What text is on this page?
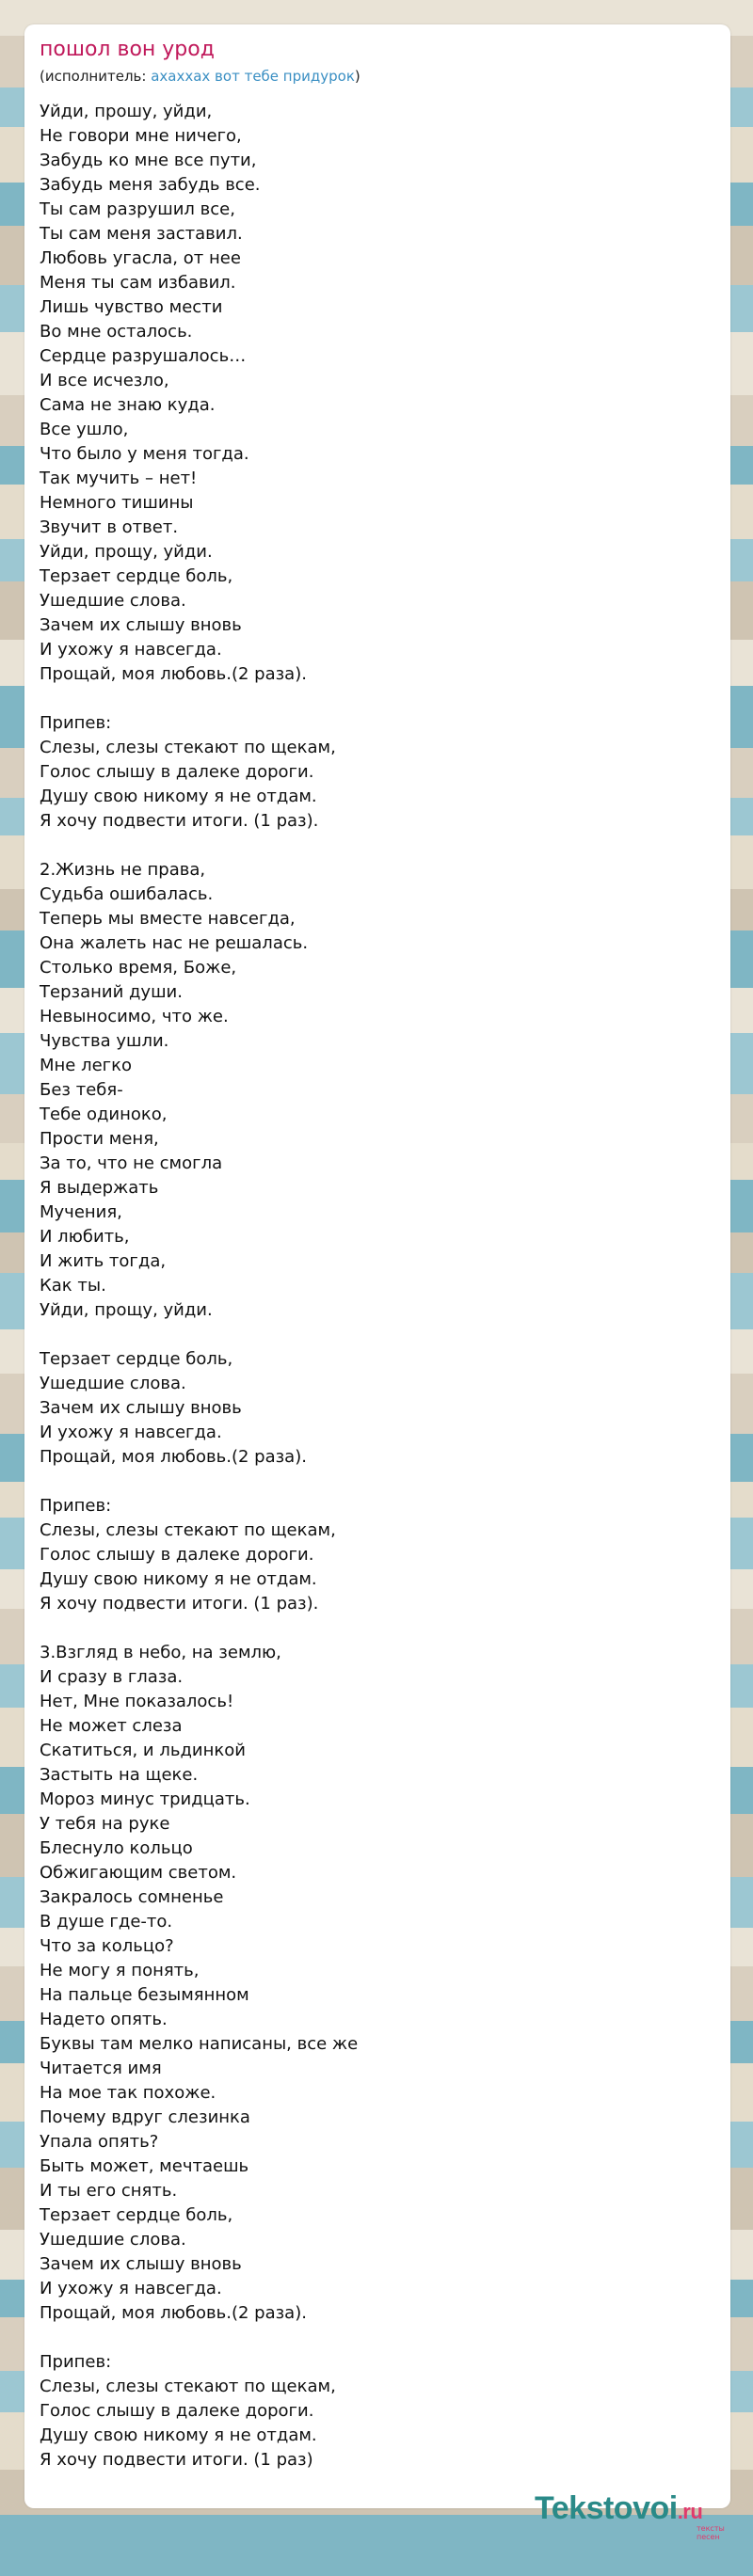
пошол вон урод
(исполнитель: ахаххах вот тебе придурок)
Уйди, прошу, уйди,
Не говори мне ничего,
Забудь ко мне все пути,
Забудь меня забудь все.
Ты сам разрушил все,
Ты сам меня заставил.
Любовь угасла, от нее
Меня ты сам избавил.
Лишь чувство мести
Во мне осталось.
Сердце разрушалось…
И все исчезло,
Сама не знаю куда.
Все ушло,
Что было у меня тогда.
Так мучить – нет!
Немного тишины
Звучит в ответ.
Уйди, прощу, уйди.
Терзает сердце боль,
Ушедшие слова.
Зачем их слышу вновь
И ухожу я навсегда.
Прощай, моя любовь.(2 раза).
Припев:
Слезы, слезы стекают по щекам,
Голос слышу в далеке дороги.
Душу свою никому я не отдам.
Я хочу подвести итоги. (1 раз).
2.Жизнь не права,
Судьба ошибалась.
Теперь мы вместе навсегда,
Она жалеть нас не решалась.
Столько время, Боже,
Терзаний души.
Невыносимо, что же.
Чувства ушли.
Мне легко
Без тебя-
Тебе одиноко,
Прости меня,
За то, что не смогла
Я выдержать
Мучения,
И любить,
И жить тогда,
Как ты.
Уйди, прощу, уйди.
Терзает сердце боль,
Ушедшие слова.
Зачем их слышу вновь
И ухожу я навсегда.
Прощай, моя любовь.(2 раза).
Припев:
Слезы, слезы стекают по щекам,
Голос слышу в далеке дороги.
Душу свою никому я не отдам.
Я хочу подвести итоги. (1 раз).
3.Взгляд в небо, на землю,
И сразу в глаза.
Нет, Мне показалось!
Не может слеза
Скатиться, и льдинкой
Застыть на щеке.
Мороз минус тридцать.
У тебя на руке
Блеснуло кольцо
Обжигающим светом.
Закралось сомненье
В душе где-то.
Что за кольцо?
Не могу я понять,
На пальце безымянном
Надето опять.
Буквы там мелко написаны, все же
Читается имя
На мое так похоже.
Почему вдруг слезинка
Упала опять?
Быть может, мечтаешь
И ты его снять.
Терзает сердце боль,
Ушедшие слова.
Зачем их слышу вновь
И ухожу я навсегда.
Прощай, моя любовь.(2 раза).
Припев:
Слезы, слезы стекают по щекам,
Голос слышу в далеке дороги.
Душу свою никому я не отдам.
Я хочу подвести итоги. (1 раз)
Tekstovoi.ru
тексты песен
